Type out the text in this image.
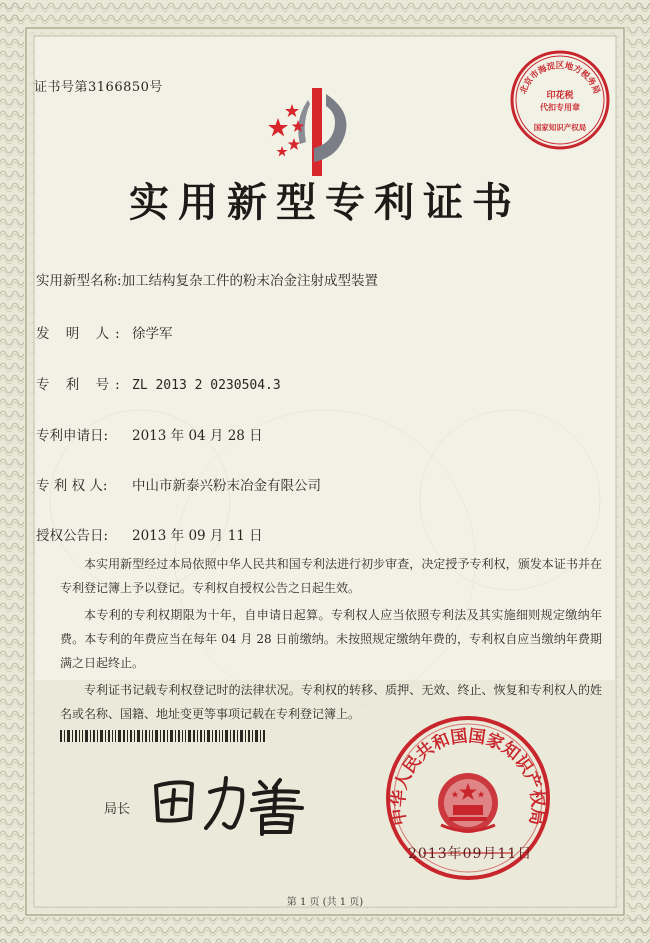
证书号第3166850号
实用新型专利证书
实用新型名称:加工结构复杂工件的粉末冶金注射成型装置
发 明 人: 徐学军
专 利 号: ZL 2013 2 0230504.3
专利申请日: 2013 年 04 月 28 日
专 利 权 人: 中山市新泰兴粉末冶金有限公司
授权公告日: 2013 年 09 月 11 日

本实用新型经过本局依照中华人民共和国专利法进行初步审查，决定授予专利权，颁发本证书并在专利登记簿上予以登记。专利权自授权公告之日起生效。

本专利的专利权期限为十年，自申请日起算。专利权人应当依照专利法及其实施细则规定缴纳年费。本专利的年费应当在每年 04 月 28 日前缴纳。未按照规定缴纳年费的，专利权自应当缴纳年费期满之日起终止。

专利证书记载专利权登记时的法律状况。专利权的转移、质押、无效、终止、恢复和专利权人的姓名或名称、国籍、地址变更等事项记载在专利登记簿上。

局长
北京市海淀区地方税务局
印花税
代扣专用章
国家知识产权局
中华人民共和国国家知识产权局
2013年09月11日
第 1 页 (共 1 页)
